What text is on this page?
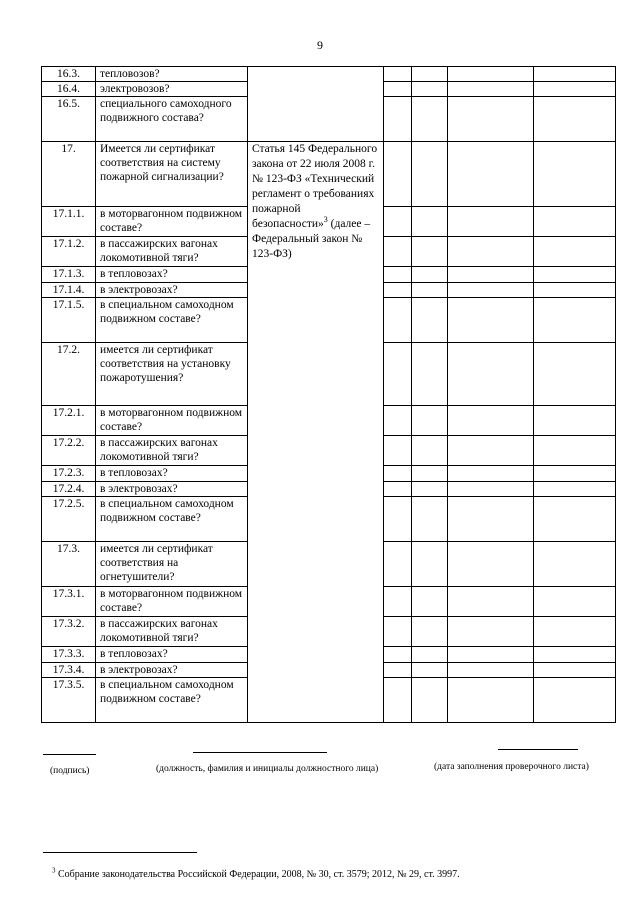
9
16.3.	тепловозов?					
16.4.	электровозов?					
16.5.	специального самоходного подвижного состава?					
17.	Имеется ли сертификат соответствия на систему пожарной сигнализации?	Статья 145 Федерального закона от 22 июля 2008 г. № 123-ФЗ «Технический регламент о требованиях пожарной безопасности»$^3$ (далее – Федеральный закон № 123-ФЗ)				

17.1.1.	в моторвагонном подвижном составе?					
17.1.2.	в пассажирских вагонах локомотивной тяги?					
17.1.3.	в тепловозах?					
17.1.4.	в электровозах?					
17.1.5.	в специальном самоходном подвижном составе?					
17.2.	имеется ли сертификат соответствия на установку пожаротушения?					
17.2.1.	в моторвагонном подвижном составе?					
17.2.2.	в пассажирских вагонах локомотивной тяги?					
17.2.3.	в тепловозах?					
17.2.4.	в электровозах?					
17.2.5.	в специальном самоходном подвижном составе?					
17.3.	имеется ли сертификат соответствия на огнетушители?					
17.3.1.	в моторвагонном подвижном составе?					
17.3.2.	в пассажирских вагонах локомотивной тяги?					
17.3.3.	в тепловозах?					
17.3.4.	в электровозах?					
17.3.5.	в специальном самоходном подвижном составе?					
(подпись)	(должность, фамилия и инициалы должностного лица)	(дата заполнения проверочного листа)
$^3$ Собрание законодательства Российской Федерации, 2008, № 30, ст. 3579; 2012, № 29, ст. 3997.
